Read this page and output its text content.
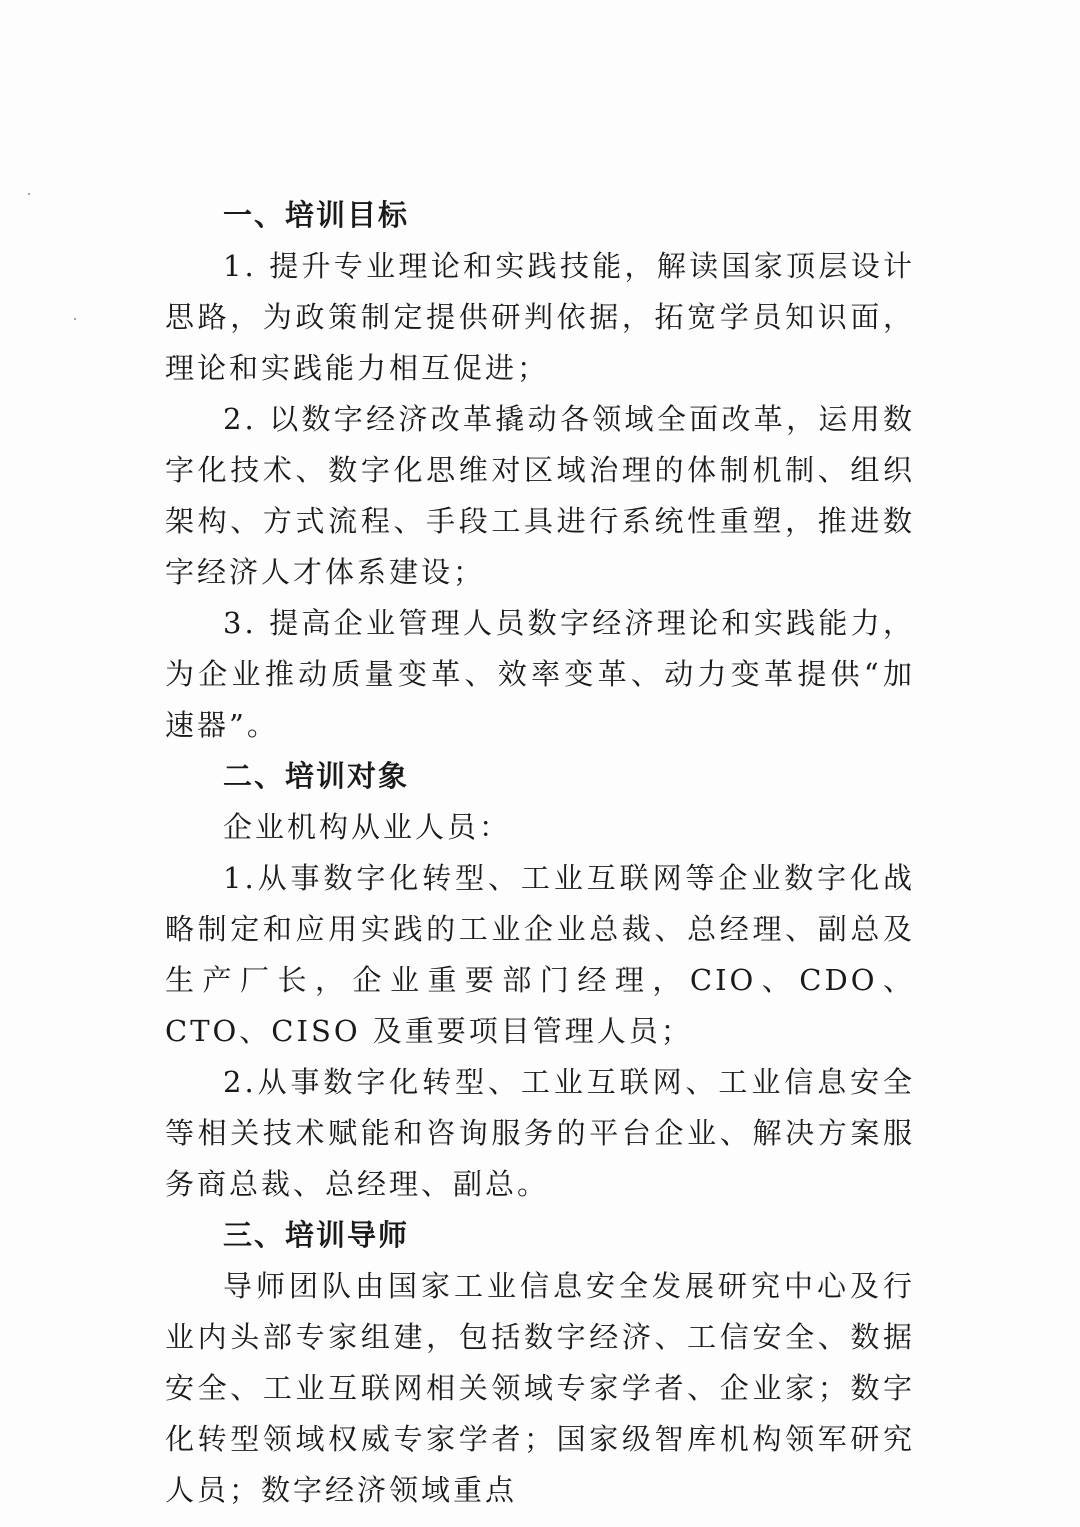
一、培训目标

1. 提升专业理论和实践技能，解读国家顶层设计思路，为政策制定提供研判依据，拓宽学员知识面，理论和实践能力相互促进；

2. 以数字经济改革撬动各领域全面改革，运用数字化技术、数字化思维对区域治理的体制机制、组织架构、方式流程、手段工具进行系统性重塑，推进数字经济人才体系建设；

3. 提高企业管理人员数字经济理论和实践能力，为企业推动质量变革、效率变革、动力变革提供“加速器”。

二、培训对象

企业机构从业人员：

1.从事数字化转型、工业互联网等企业数字化战略制定和应用实践的工业企业总裁、总经理、副总及生产厂长，企业重要部门经理，CIO、CDO、CTO、CISO 及重要项目管理人员；

2.从事数字化转型、工业互联网、工业信息安全等相关技术赋能和咨询服务的平台企业、解决方案服务商总裁、总经理、副总。

三、培训导师

导师团队由国家工业信息安全发展研究中心及行业内头部专家组建，包括数字经济、工信安全、数据安全、工业互联网相关领域专家学者、企业家；数字化转型领域权威专家学者；国家级智库机构领军研究人员；数字经济领域重点
